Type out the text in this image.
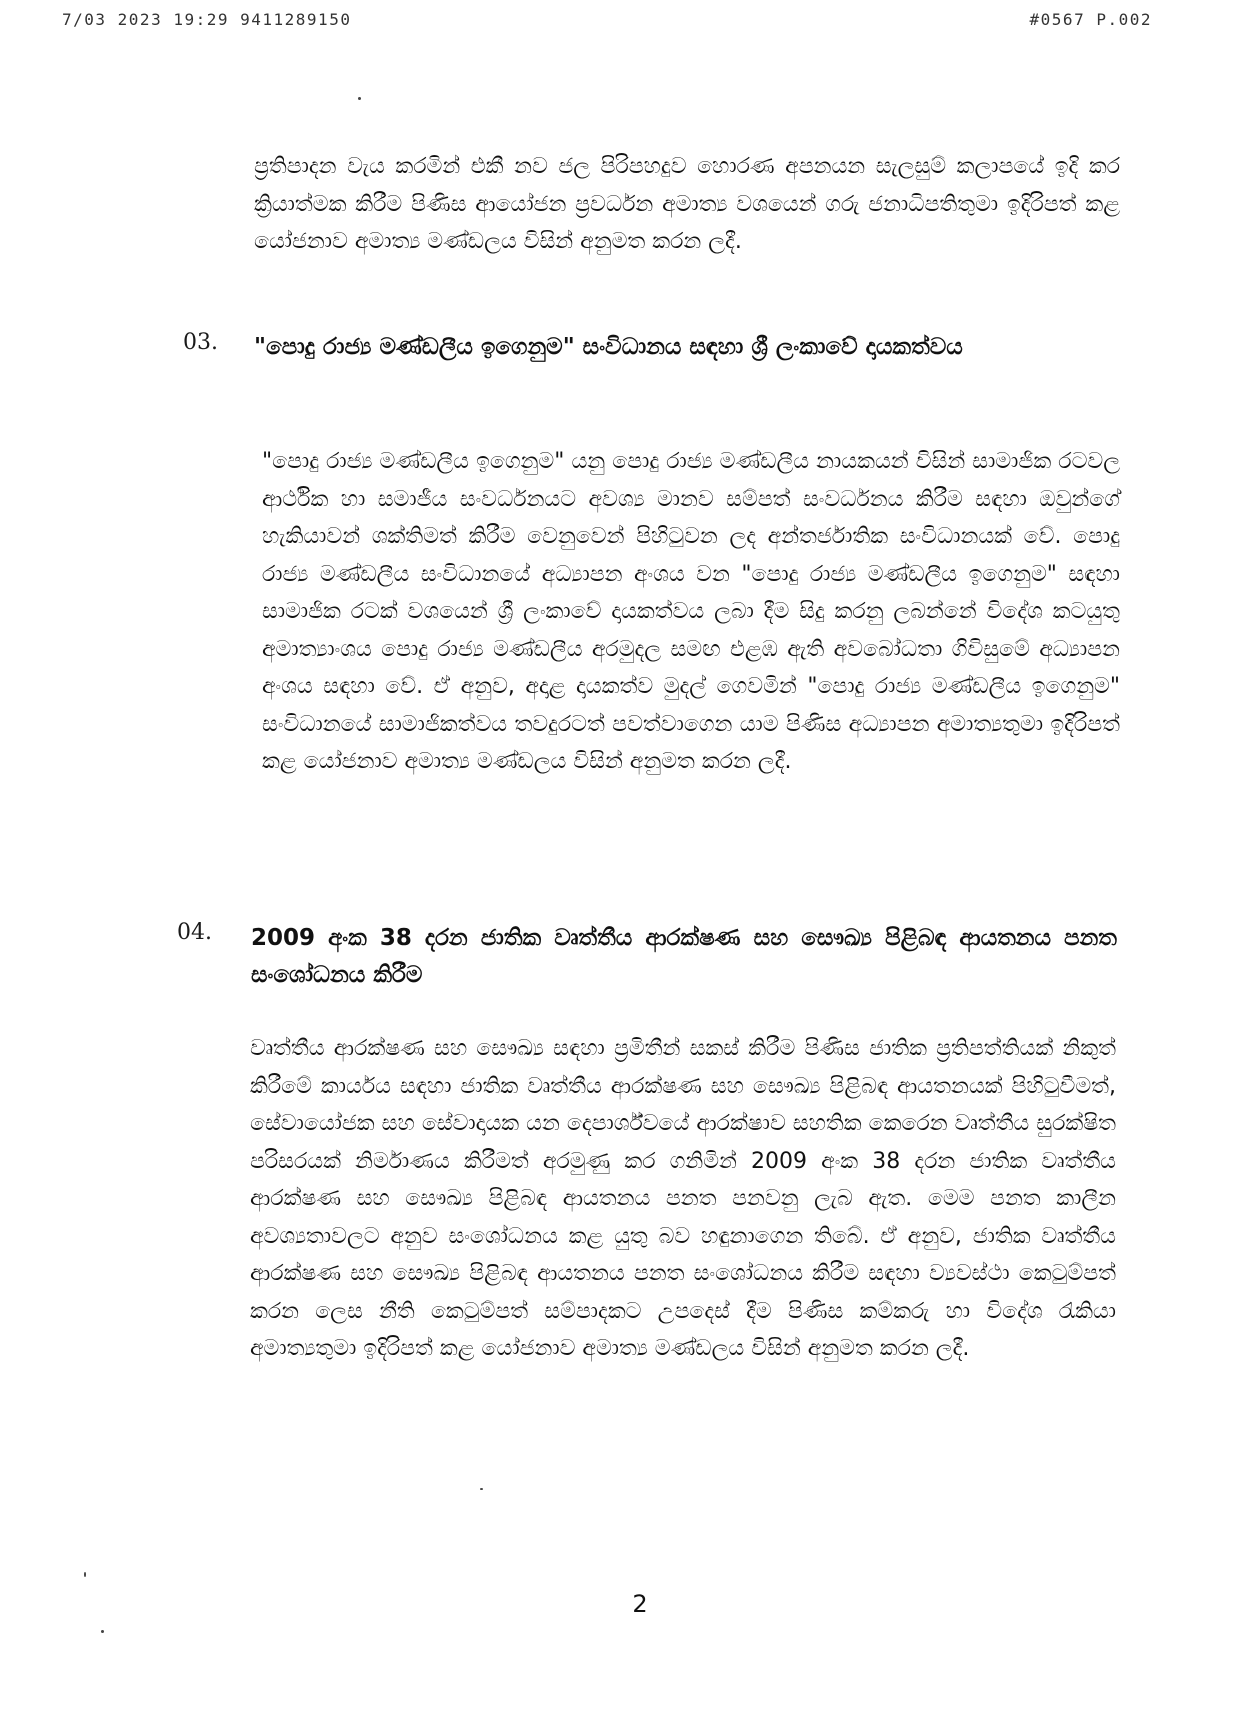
7/03 2023 19:29 9411289150	#0567 P.002
ප්‍රතිපාදන වැය කරමින් එකී නව ජල පිරිපහදුව හොරණ අපනයන සැලසුම් කලාපයේ ඉදි කර ක්‍රියාත්මක කිරීම පිණිස ආයෝජන ප්‍රවර්ධන අමාත්‍ය වශයෙන් ගරු ජනාධිපතිතුමා ඉදිරිපත් කළ යෝජනාව අමාත්‍ය මණ්ඩලය විසින් අනුමත කරන ලදී.
03. "පොදු රාජ්‍ය මණ්ඩලීය ඉගෙනුම" සංවිධානය සඳහා ශ්‍රී ලංකාවේ දායකත්වය
"පොදු රාජ්‍ය මණ්ඩලීය ඉගෙනුම" යනු පොදු රාජ්‍ය මණ්ඩලීය නායකයන් විසින් සාමාජික රටවල ආර්ථික හා සමාජීය සංවර්ධනයට අවශ්‍ය මානව සම්පත් සංවර්ධනය කිරීම සඳහා ඔවුන්ගේ හැකියාවන් ශක්තිමත් කිරීම වෙනුවෙන් පිහිටුවන ලද අන්තර්ජාතික සංවිධානයක් වේ. පොදු රාජ්‍ය මණ්ඩලීය සංවිධානයේ අධ්‍යාපන අංශය වන "පොදු රාජ්‍ය මණ්ඩලීය ඉගෙනුම" සඳහා සාමාජික රටක් වශයෙන් ශ්‍රී ලංකාවේ දායකත්වය ලබා දීම සිදු කරනු ලබන්නේ විදේශ කටයුතු අමාත්‍යාංශය පොදු රාජ්‍ය මණ්ඩලීය අරමුදල සමඟ එළඹ ඇති අවබෝධතා ගිවිසුමේ අධ්‍යාපන අංශය සඳහා වේ. ඒ අනුව, අදාළ දායකත්ව මුදල් ගෙවමින් "පොදු රාජ්‍ය මණ්ඩලීය ඉගෙනුම" සංවිධානයේ සාමාජිකත්වය තවදුරටත් පවත්වාගෙන යාම පිණිස අධ්‍යාපන අමාත්‍යතුමා ඉදිරිපත් කළ යෝජනාව අමාත්‍ය මණ්ඩලය විසින් අනුමත කරන ලදී.
04. 2009 අංක 38 දරන ජාතික වෘත්තීය ආරක්ෂණ සහ සෞඛ්‍ය පිළිබඳ ආයතනය පනත සංශෝධනය කිරීම
වෘත්තීය ආරක්ෂණ සහ සෞඛ්‍ය සඳහා ප්‍රමිතීන් සකස් කිරීම පිණිස ජාතික ප්‍රතිපත්තියක් නිකුත් කිරීමේ කාර්යය සඳහා ජාතික වෘත්තීය ආරක්ෂණ සහ සෞඛ්‍ය පිළිබඳ ආයතනයක් පිහිටුවීමත්, සේවායෝජක සහ සේවාදායක යන දෙපාර්ශ්වයේ ආරක්ෂාව සහතික කෙරෙන වෘත්තීය සුරක්ෂිත පරිසරයක් නිර්මාණය කිරීමත් අරමුණු කර ගනිමින් 2009 අංක 38 දරන ජාතික වෘත්තීය ආරක්ෂණ සහ සෞඛ්‍ය පිළිබඳ ආයතනය පනත පනවනු ලැබ ඇත. මෙම පනත කාලීන අවශ්‍යතාවලට අනුව සංශෝධනය කළ යුතු බව හඳුනාගෙන තිබේ. ඒ අනුව, ජාතික වෘත්තීය ආරක්ෂණ සහ සෞඛ්‍ය පිළිබඳ ආයතනය පනත සංශෝධනය කිරීම සඳහා ව්‍යවස්ථා කෙටුම්පත් කරන ලෙස නීති කෙටුම්පත් සම්පාදකට උපදෙස් දීම පිණිස කම්කරු හා විදේශ රැකියා අමාත්‍යතුමා ඉදිරිපත් කළ යෝජනාව අමාත්‍ය මණ්ඩලය විසින් අනුමත කරන ලදී.
2
